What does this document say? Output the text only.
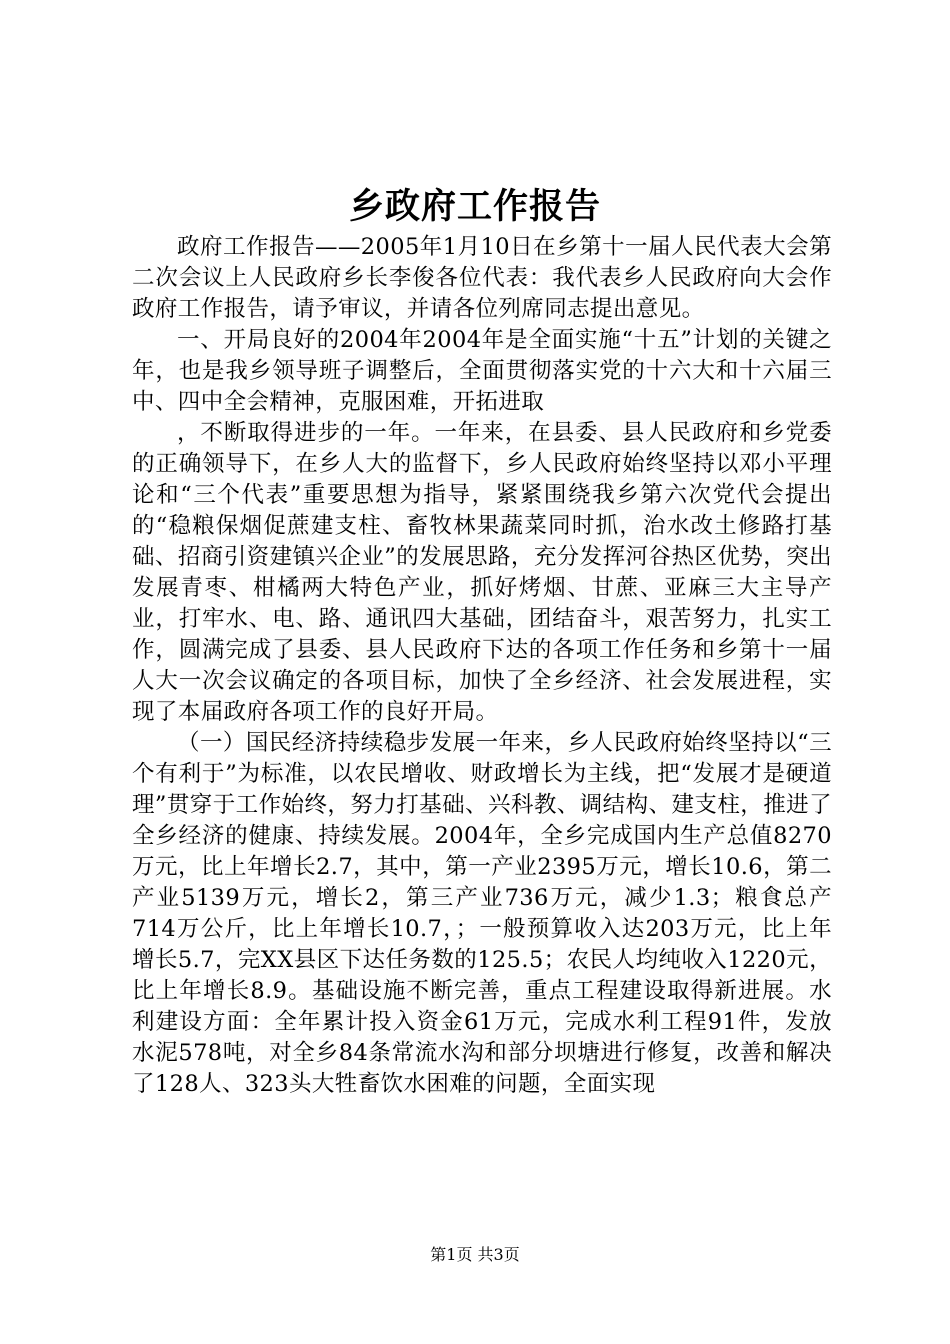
乡政府工作报告

政府工作报告——2005年1月10日在乡第十一届人民代表大会第二次会议上人民政府乡长李俊各位代表：我代表乡人民政府向大会作政府工作报告，请予审议，并请各位列席同志提出意见。

一、开局良好的2004年2004年是全面实施“十五”计划的关键之年，也是我乡领导班子调整后，全面贯彻落实党的十六大和十六届三中、四中全会精神，克服困难，开拓进取

，不断取得进步的一年。一年来，在县委、县人民政府和乡党委的正确领导下，在乡人大的监督下，乡人民政府始终坚持以邓小平理论和“三个代表”重要思想为指导，紧紧围绕我乡第六次党代会提出的“稳粮保烟促蔗建支柱、畜牧林果蔬菜同时抓，治水改土修路打基础、招商引资建镇兴企业”的发展思路，充分发挥河谷热区优势，突出发展青枣、柑橘两大特色产业，抓好烤烟、甘蔗、亚麻三大主导产业，打牢水、电、路、通讯四大基础，团结奋斗，艰苦努力，扎实工作，圆满完成了县委、县人民政府下达的各项工作任务和乡第十一届人大一次会议确定的各项目标，加快了全乡经济、社会发展进程，实现了本届政府各项工作的良好开局。

（一）国民经济持续稳步发展一年来，乡人民政府始终坚持以“三个有利于”为标准，以农民增收、财政增长为主线，把“发展才是硬道理”贯穿于工作始终，努力打基础、兴科教、调结构、建支柱，推进了全乡经济的健康、持续发展。2004年，全乡完成国内生产总值8270万元，比上年增长2.7，其中，第一产业2395万元，增长10.6，第二产业5139万元，增长2，第三产业736万元，减少1.3；粮食总产714万公斤，比上年增长10.7，；一般预算收入达203万元，比上年增长5.7，完XX县区下达任务数的125.5；农民人均纯收入1220元，比上年增长8.9。基础设施不断完善，重点工程建设取得新进展。水利建设方面：全年累计投入资金61万元，完成水利工程91件，发放水泥578吨，对全乡84条常流水沟和部分坝塘进行修复，改善和解决了128人、323头大牲畜饮水困难的问题，全面实现

第1页 共3页
